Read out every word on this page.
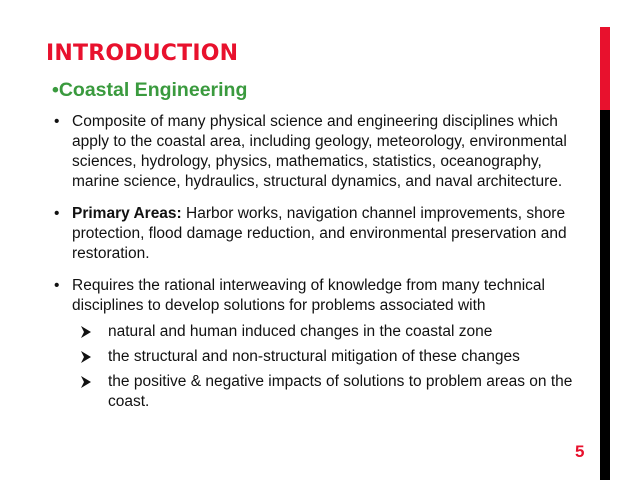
INTRODUCTION

•Coastal Engineering

• Composite of many physical science and engineering disciplines which apply to the coastal area, including geology, meteorology, environmental sciences, hydrology, physics, mathematics, statistics, oceanography, marine science, hydraulics, structural dynamics, and naval architecture.
• Primary Areas: Harbor works, navigation channel improvements, shore protection, flood damage reduction, and environmental preservation and restoration.
• Requires the rational interweaving of knowledge from many technical disciplines to develop solutions for problems associated with
natural and human induced changes in the coastal zone
the structural and non-structural mitigation of these changes
the positive & negative impacts of solutions to problem areas on the coast.

5
